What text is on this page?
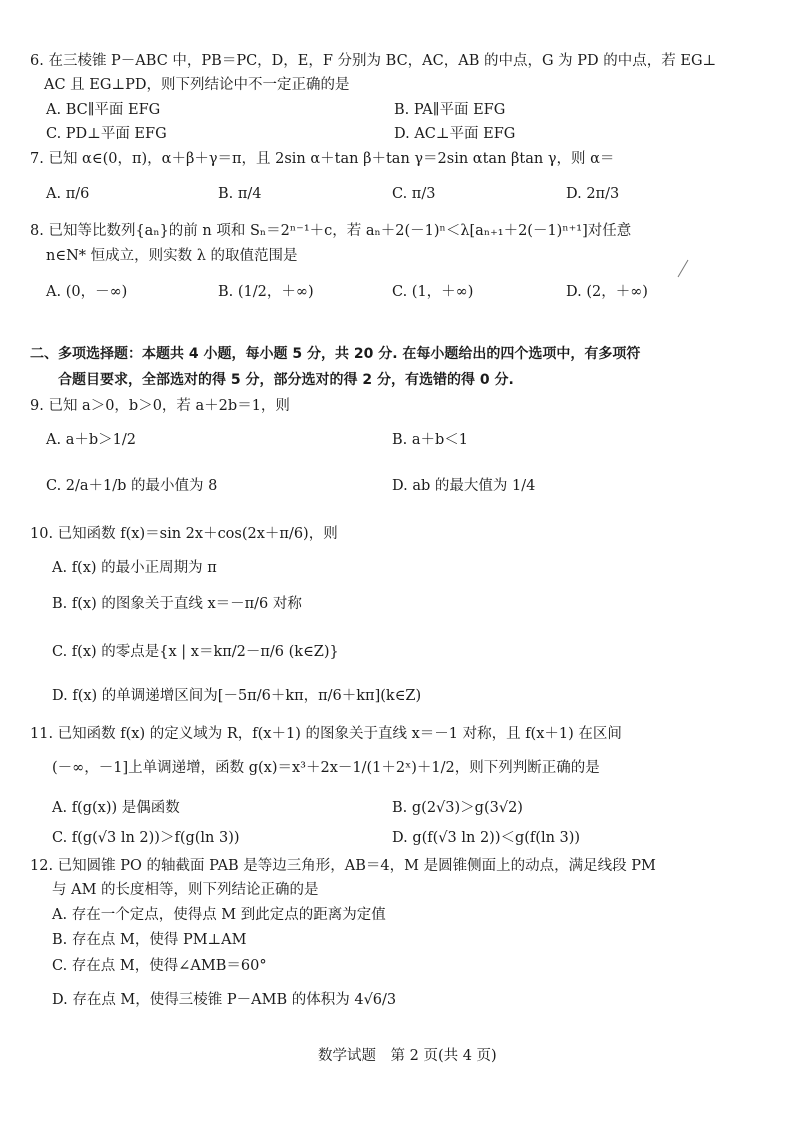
6. 在三棱锥 P－ABC 中，PB＝PC，D，E，F 分别为 BC，AC，AB 的中点，G 为 PD 的中点，若 EG⊥
AC 且 EG⊥PD，则下列结论中不一定正确的是
A. BC∥平面 EFG	B. PA∥平面 EFG
C. PD⊥平面 EFG	D. AC⊥平面 EFG
7. 已知 α∈(0，π)，α＋β＋γ＝π，且 2sin α＋tan β＋tan γ＝2sin αtan βtan γ，则 α＝
A. π/6	B. π/4	C. π/3	D. 2π/3
8. 已知等比数列{aₙ}的前 n 项和 Sₙ＝2ⁿ⁻¹＋c，若 aₙ＋2(－1)ⁿ＜λ[aₙ₊₁＋2(－1)ⁿ⁺¹]对任意
n∈N* 恒成立，则实数 λ 的取值范围是
A. (0，－∞)	B. (1/2，＋∞)	C. (1，＋∞)	D. (2，＋∞)
二、多项选择题：本题共 4 小题，每小题 5 分，共 20 分. 在每小题给出的四个选项中，有多项符
合题目要求，全部选对的得 5 分，部分选对的得 2 分，有选错的得 0 分.
9. 已知 a＞0，b＞0，若 a＋2b＝1，则
A. a＋b＞1/2	B. a＋b＜1
C. 2/a＋1/b 的最小值为 8	D. ab 的最大值为 1/4
10. 已知函数 f(x)＝sin 2x＋cos(2x＋π/6)，则
A. f(x) 的最小正周期为 π
B. f(x) 的图象关于直线 x＝－π/6 对称
C. f(x) 的零点是{x | x＝kπ/2－π/6 (k∈Z)}
D. f(x) 的单调递增区间为[－5π/6＋kπ，π/6＋kπ](k∈Z)
11. 已知函数 f(x) 的定义域为 R，f(x＋1) 的图象关于直线 x＝－1 对称，且 f(x＋1) 在区间
(－∞，－1]上单调递增，函数 g(x)＝x³＋2x－1/(1＋2ˣ)＋1/2，则下列判断正确的是
A. f(g(x)) 是偶函数	B. g(2√3)＞g(3√2)
C. f(g(√3 ln 2))＞f(g(ln 3))	D. g(f(√3 ln 2))＜g(f(ln 3))
12. 已知圆锥 PO 的轴截面 PAB 是等边三角形，AB＝4，M 是圆锥侧面上的动点，满足线段 PM
与 AM 的长度相等，则下列结论正确的是
A. 存在一个定点，使得点 M 到此定点的距离为定值
B. 存在点 M，使得 PM⊥AM
C. 存在点 M，使得∠AMB＝60°
D. 存在点 M，使得三棱锥 P－AMB 的体积为 4√6/3
数学试题　第 2 页(共 4 页)
